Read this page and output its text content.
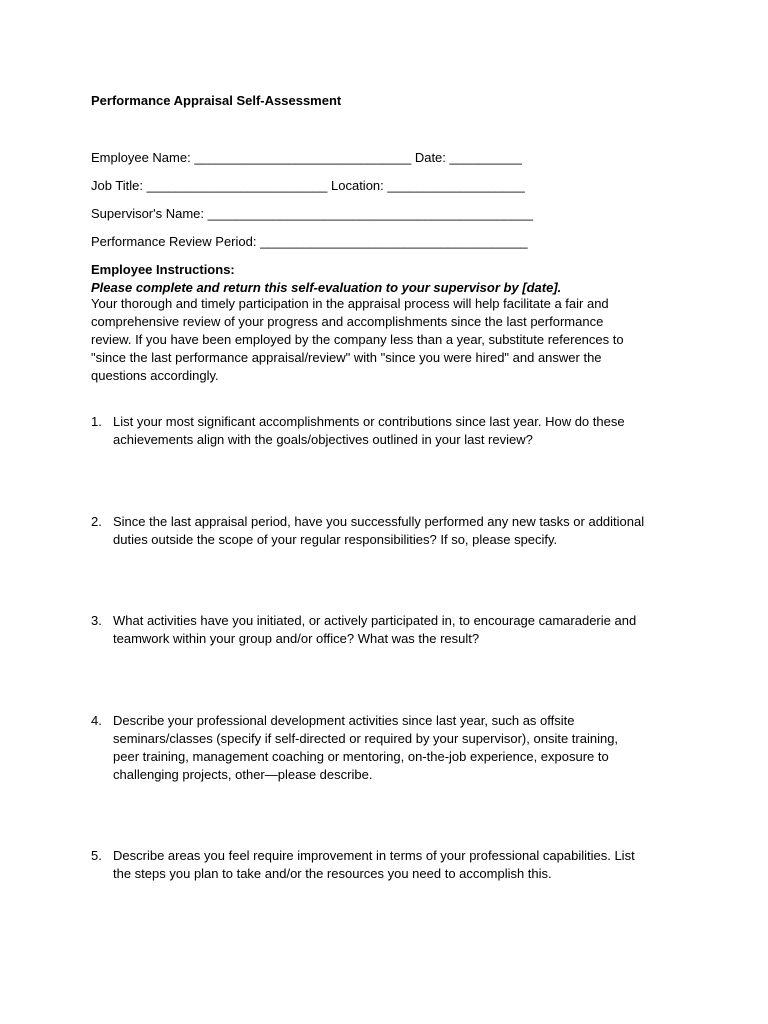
Performance Appraisal Self-Assessment
Employee Name: ______________________________ Date: __________
Job Title: _________________________ Location: ___________________
Supervisor's Name: _____________________________________________
Performance Review Period: _____________________________________
Employee Instructions:
Please complete and return this self-evaluation to your supervisor by [date].
Your thorough and timely participation in the appraisal process will help facilitate a fair and
comprehensive review of your progress and accomplishments since the last performance
review. If you have been employed by the company less than a year, substitute references to
"since the last performance appraisal/review" with "since you were hired" and answer the
questions accordingly.
1. List your most significant accomplishments or contributions since last year. How do these
achievements align with the goals/objectives outlined in your last review?
2. Since the last appraisal period, have you successfully performed any new tasks or additional
duties outside the scope of your regular responsibilities? If so, please specify.
3. What activities have you initiated, or actively participated in, to encourage camaraderie and
teamwork within your group and/or office? What was the result?
4. Describe your professional development activities since last year, such as offsite
seminars/classes (specify if self-directed or required by your supervisor), onsite training,
peer training, management coaching or mentoring, on-the-job experience, exposure to
challenging projects, other—please describe.
5. Describe areas you feel require improvement in terms of your professional capabilities. List
the steps you plan to take and/or the resources you need to accomplish this.
